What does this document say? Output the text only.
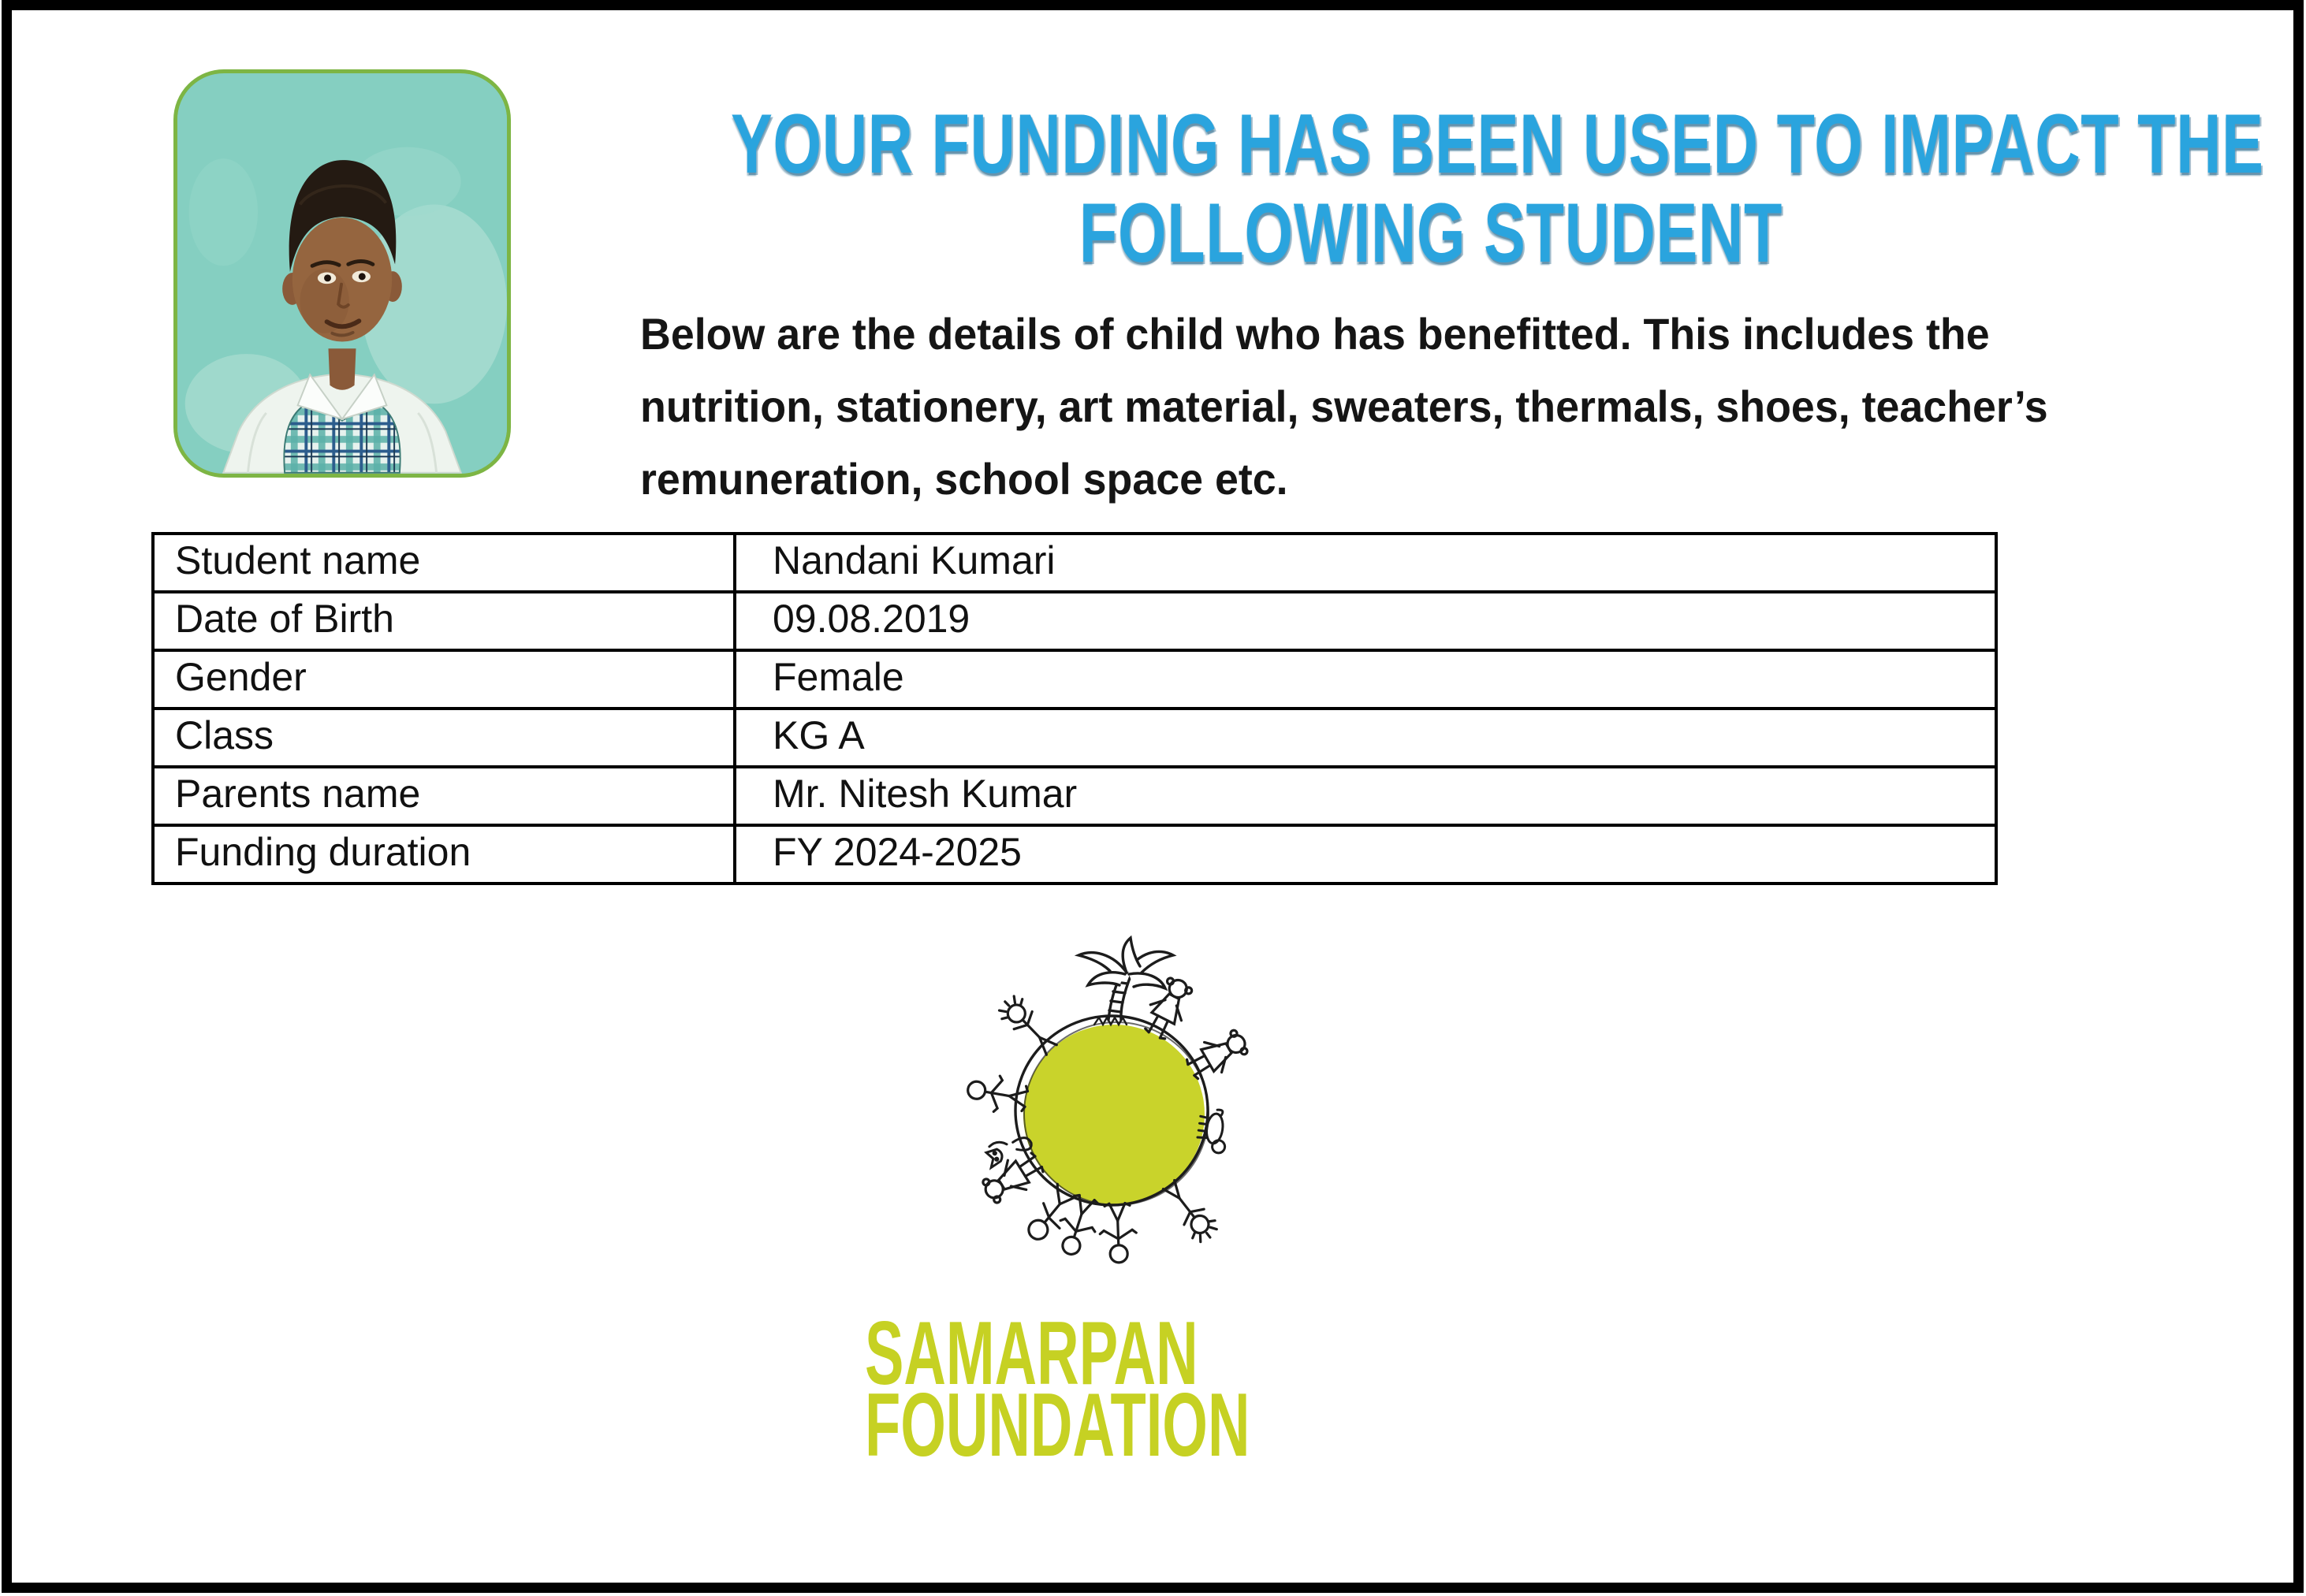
YOUR FUNDING HAS BEEN USED TO IMPACT THE
FOLLOWING STUDENT
Below are the details of child who has benefitted. This includes the
nutrition, stationery, art material, sweaters, thermals, shoes, teacher’s
remuneration, school space etc.
Student name	Nandani Kumari
Date of Birth	09.08.2019
Gender	Female
Class	KG A
Parents name	Mr. Nitesh Kumar
Funding duration	FY 2024-2025
SAMARPAN
FOUNDATION
